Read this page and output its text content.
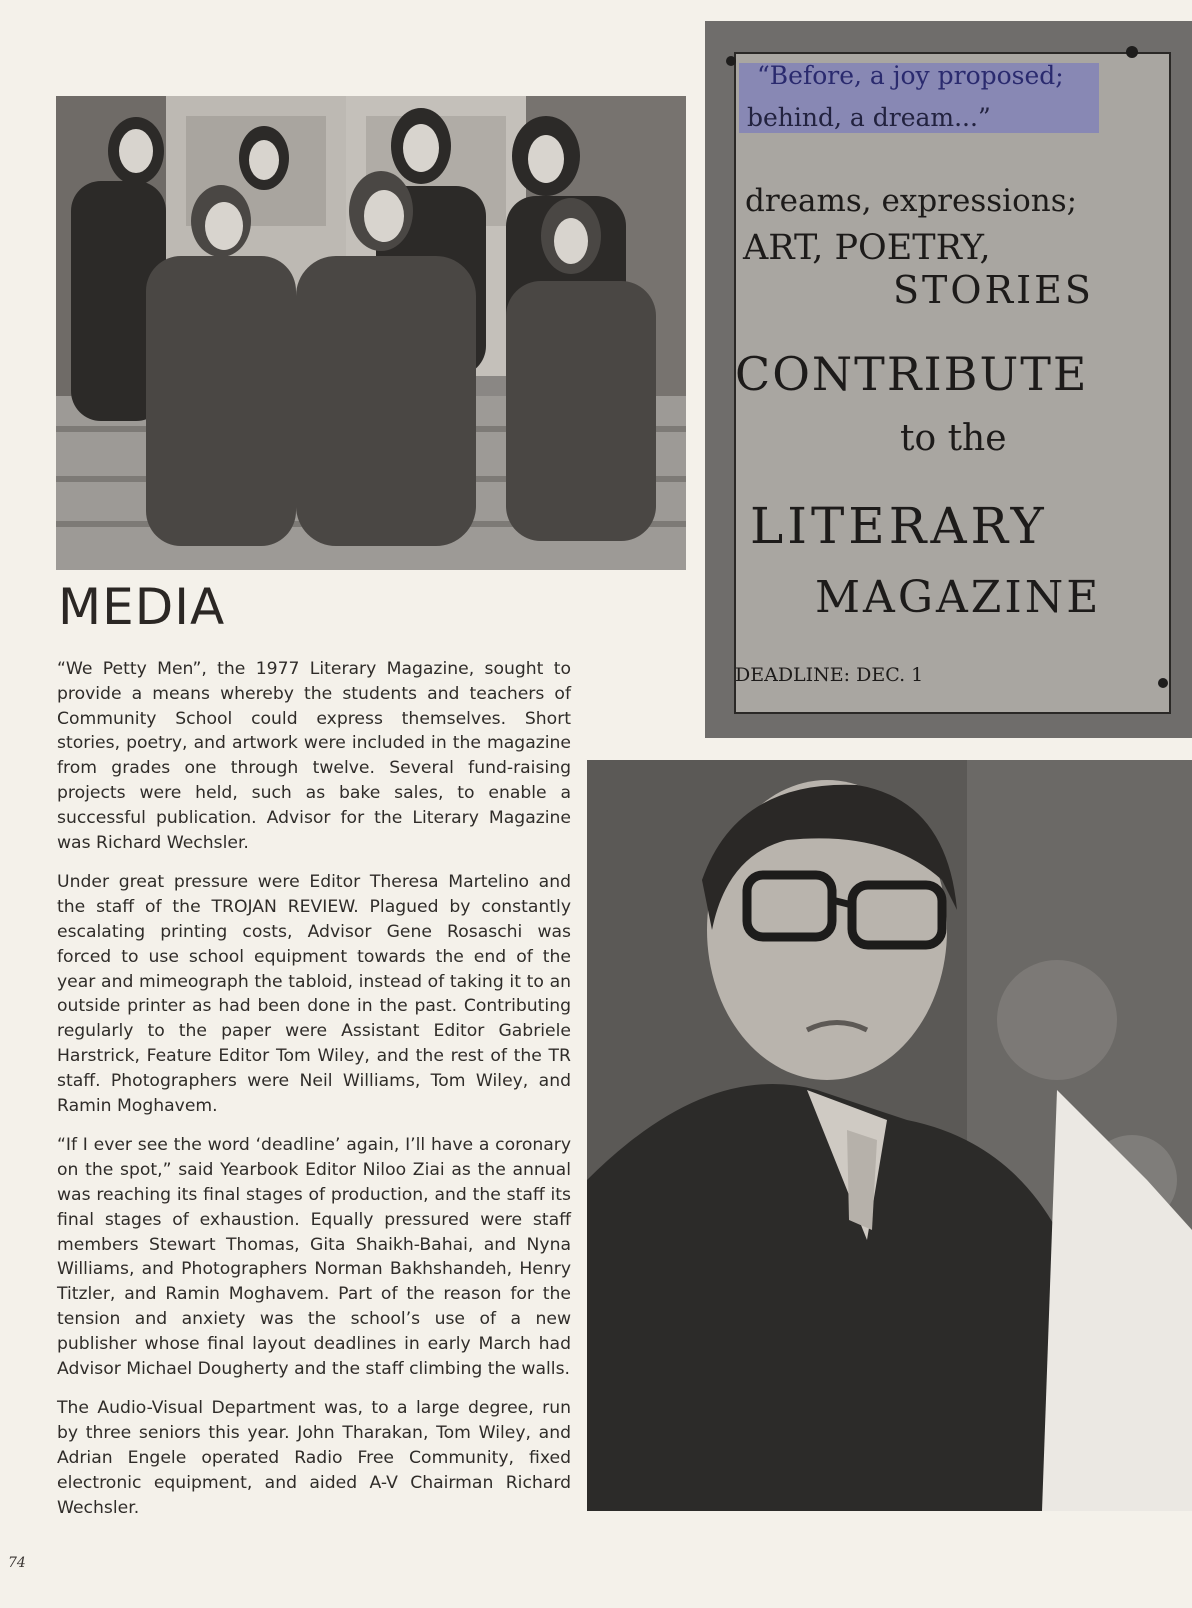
“Before, a joy proposed;

behind, a dream...”

dreams, expressions;

ART, POETRY,

STORIES

CONTRIBUTE

to the

LITERARY

MAGAZINE

DEADLINE: DEC. 1

MEDIA

“We Petty Men”, the 1977 Literary Magazine, sought to provide a means whereby the students and teachers of Community School could express themselves. Short stories, poetry, and artwork were included in the magazine from grades one through twelve. Several fund-raising projects were held, such as bake sales, to enable a successful publication. Advisor for the Literary Magazine was Richard Wechsler.

Under great pressure were Editor Theresa Martelino and the staff of the TROJAN REVIEW. Plagued by constantly escalating printing costs, Advisor Gene Rosaschi was forced to use school equipment towards the end of the year and mimeograph the tabloid, instead of taking it to an outside printer as had been done in the past. Contributing regularly to the paper were Assistant Editor Gabriele Harstrick, Feature Editor Tom Wiley, and the rest of the TR staff. Photographers were Neil Williams, Tom Wiley, and Ramin Moghavem.

“If I ever see the word ‘deadline’ again, I’ll have a coronary on the spot,” said Yearbook Editor Niloo Ziai as the annual was reaching its final stages of production, and the staff its final stages of exhaustion. Equally pressured were staff members Stewart Thomas, Gita Shaikh-Bahai, and Nyna Williams, and Photographers Norman Bakhshandeh, Henry Titzler, and Ramin Moghavem. Part of the reason for the tension and anxiety was the school’s use of a new publisher whose final layout deadlines in early March had Advisor Michael Dougherty and the staff climbing the walls.

The Audio-Visual Department was, to a large degree, run by three seniors this year. John Tharakan, Tom Wiley, and Adrian Engele operated Radio Free Community, fixed electronic equipment, and aided A-V Chairman Richard Wechsler.

74
